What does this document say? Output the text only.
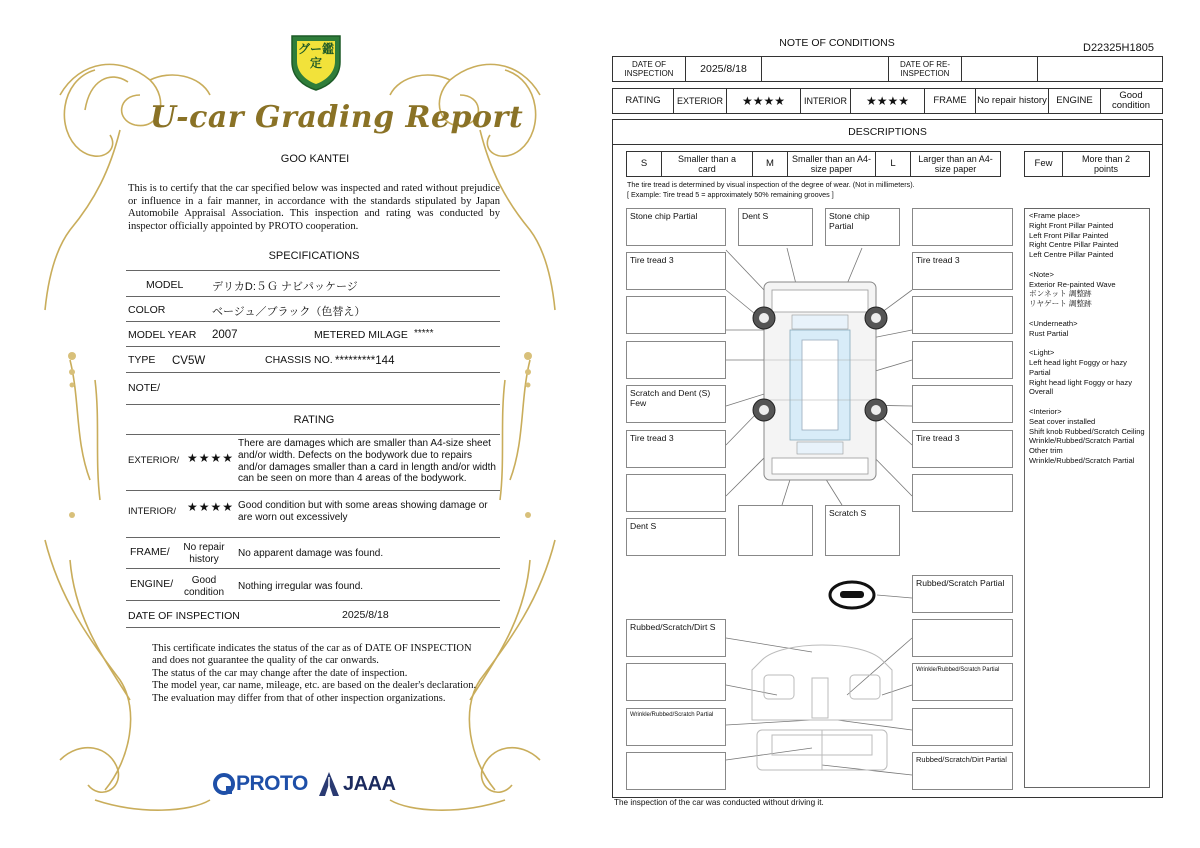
グー鑑定
U-car Grading Report
GOO KANTEI
This is to certify that the car specified below was inspected and rated without prejudice or influence in a fair manner, in accordance with the standards stipulated by Japan Automobile Appraisal Association. This inspection and rating was conducted by inspector officially appointed by PROTO cooperation.
SPECIFICATIONS
MODEL	デリカD:５Ｇ ナビパッケージ
COLOR	ベージュ／ブラック（色替え）
MODEL YEAR 2007	METERED MILAGE *****
TYPE CV5W	CHASSIS NO. *********144
NOTE/
RATING
EXTERIOR/ ★★★★
There are damages which are smaller than A4-size sheet and/or width. Defects on the bodywork due to repairs and/or damages smaller than a card in length and/or width can be seen on more than 4 areas of the bodywork.
INTERIOR/ ★★★★ Good condition but with some areas showing damage or are worn out excessively
FRAME/	No repair history
No apparent damage was found.
ENGINE/	Good condition
Nothing irregular was found.
DATE OF INSPECTION	2025/8/18
This certificate indicates the status of the car as of DATE OF INSPECTION and does not guarantee the quality of the car onwards.
The status of the car may change after the date of inspection.
The model year, car name, mileage, etc. are based on the dealer's declaration.
The evaluation may differ from that of other inspection organizations.
PROTO JAAA
NOTE OF CONDITIONS	D22325H1805
DATE OF INSPECTION	2025/8/18	DATE OF RE-INSPECTION
RATING	EXTERIOR	★★★★	INTERIOR	★★★★	FRAME	No repair history ENGINE	Good condition
DESCRIPTIONS
S	Smaller than a card
M	Smaller than an A4-size paper
L	Larger than an A4-size paper
Few	More than 2 points
The tire tread is determined by visual inspection of the degree of wear. (Not in millimeters).
[ Example: Tire tread 5 = approximately 50% remaining grooves ]
Stone chip Partial	Dent S	Stone chip Partial
Tire tread 3	Tire tread 3
Scratch and Dent (S) Few
Tire tread 3	Tire tread 3
Dent S
Scratch S
Rubbed/Scratch Partial
Rubbed/Scratch/Dirt S
Wrinkle/Rubbed/Scratch Partial
Wrinkle/Rubbed/Scratch Partial
Rubbed/Scratch/Dirt Partial
<Frame place>
Right Front Pillar Painted
Left Front Pillar Painted
Right Centre Pillar Painted
Left Centre Pillar Painted
<Note>
Exterior Re-painted Wave
ボンネット 調整跡
リヤゲート 調整跡
<Underneath>
Rust Partial
<Light>
Left head light Foggy or hazy Partial
Right head light Foggy or hazy Overall
<Interior>
Seat cover installed
Shift knob Rubbed/Scratch Ceiling
Wrinkle/Rubbed/Scratch Partial
Other trim
Wrinkle/Rubbed/Scratch Partial
The inspection of the car was conducted without driving it.
